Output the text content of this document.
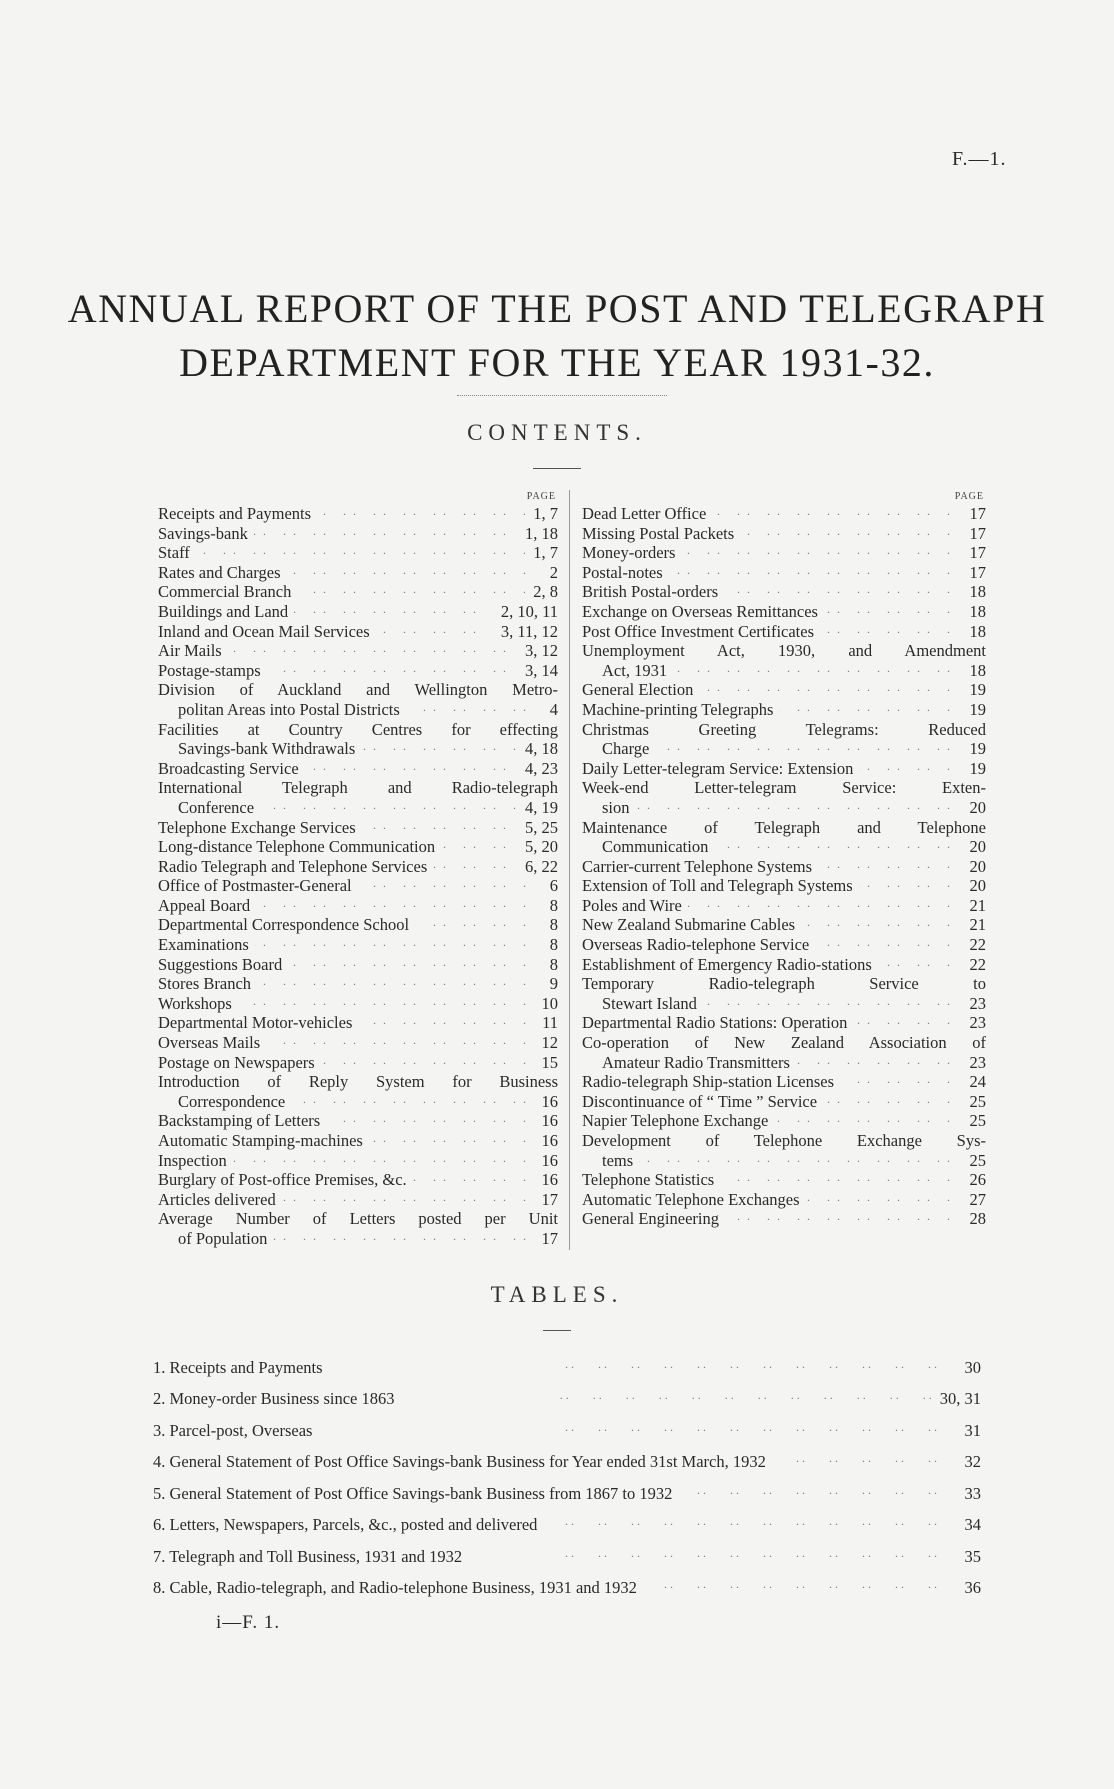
F.—1.
ANNUAL REPORT OF THE POST AND TELEGRAPH
DEPARTMENT FOR THE YEAR 1931-32.
CONTENTS.
PAGE
Receipts and Payments . .	1, 7
Savings-bank . .	1, 18
Staff . .	1, 7
Rates and Charges . .	2
Commercial Branch . .	2, 8
Buildings and Land . .	2, 10, 11
Inland and Ocean Mail Services . .	3, 11, 12
Air Mails . .	3, 12
Postage-stamps . .	3, 14
Division of Auckland and Wellington Metro-
politan Areas into Postal Districts . .	4
Facilities at Country Centres for effecting
Savings-bank Withdrawals . .	4, 18
Broadcasting Service . .	4, 23
International Telegraph and Radio-telegraph
Conference . .	4, 19
Telephone Exchange Services . .	5, 25
Long-distance Telephone Communication . .	5, 20
Radio Telegraph and Telephone Services . .	6, 22
Office of Postmaster-General . .	6
Appeal Board . .	8
Departmental Correspondence School . .	8
Examinations . .	8
Suggestions Board . .	8
Stores Branch . .	9
Workshops . .	10
Departmental Motor-vehicles . .	11
Overseas Mails . .	12
Postage on Newspapers . .	15
Introduction of Reply System for Business
Correspondence . .	16
Backstamping of Letters . .	16
Automatic Stamping-machines . .	16
Inspection . .	16
Burglary of Post-office Premises, &c. . .	16
Articles delivered . .	17
Average Number of Letters posted per Unit
of Population . .	17
PAGE
Dead Letter Office . .	17
Missing Postal Packets . .	17
Money-orders . .	17
Postal-notes . .	17
British Postal-orders . .	18
Exchange on Overseas Remittances . .	18
Post Office Investment Certificates . .	18
Unemployment Act, 1930, and Amendment
Act, 1931 . .	18
General Election . .	19
Machine-printing Telegraphs . .	19
Christmas Greeting Telegrams: Reduced
Charge . .	19
Daily Letter-telegram Service: Extension . .	19
Week-end Letter-telegram Service: Exten-
sion . .	20
Maintenance of Telegraph and Telephone
Communication . .	20
Carrier-current Telephone Systems . .	20
Extension of Toll and Telegraph Systems . .	20
Poles and Wire . .	21
New Zealand Submarine Cables . .	21
Overseas Radio-telephone Service . .	22
Establishment of Emergency Radio-stations . .	22
Temporary Radio-telegraph Service to
Stewart Island . .	23
Departmental Radio Stations: Operation . .	23
Co-operation of New Zealand Association of
Amateur Radio Transmitters . .	23
Radio-telegraph Ship-station Licenses . .	24
Discontinuance of “ Time ” Service . .	25
Napier Telephone Exchange . .	25
Development of Telephone Exchange Sys-
tems . .	25
Telephone Statistics . .	26
Automatic Telephone Exchanges . .	27
General Engineering . .	28
TABLES.
1. Receipts and Payments . .	30
2. Money-order Business since 1863 . .	30, 31
3. Parcel-post, Overseas . .	31
4. General Statement of Post Office Savings-bank Business for Year ended 31st March, 1932 . .	32
5. General Statement of Post Office Savings-bank Business from 1867 to 1932 . .	33
6. Letters, Newspapers, Parcels, &c., posted and delivered . .	34
7. Telegraph and Toll Business, 1931 and 1932 . .	35
8. Cable, Radio-telegraph, and Radio-telephone Business, 1931 and 1932 . .	36
i—F. 1.
